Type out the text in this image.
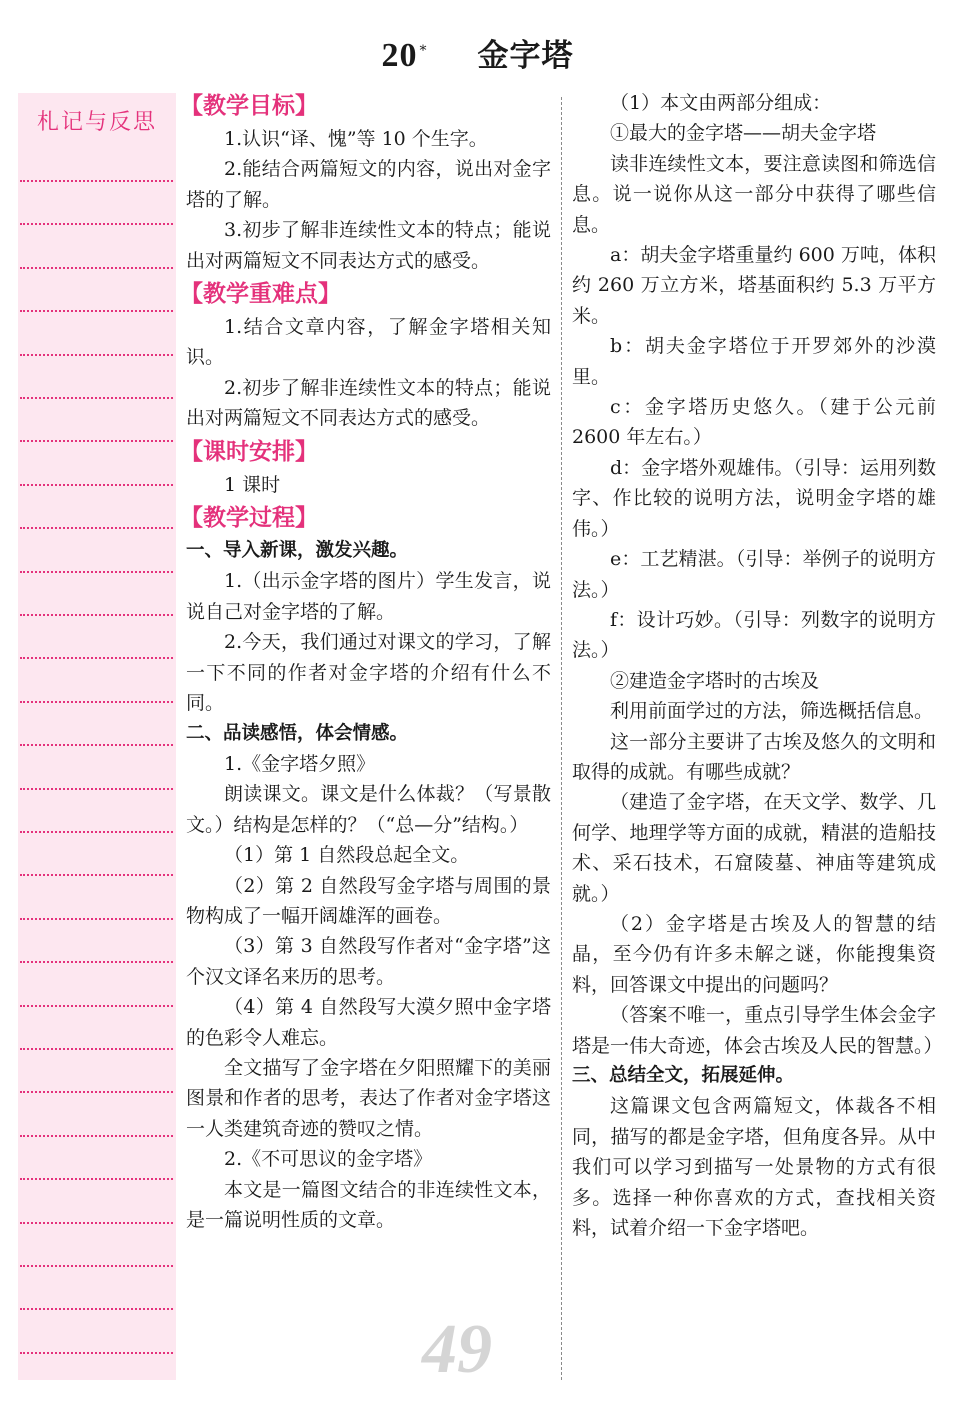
20 * 金字塔
札记与反思

【教学目标】

1.认识“译、愧”等 10 个生字。

2.能结合两篇短文的内容，说出对金字塔的了解。

3.初步了解非连续性文本的特点；能说出对两篇短文不同表达方式的感受。

【教学重难点】

1.结合文章内容，了解金字塔相关知识。

2.初步了解非连续性文本的特点；能说出对两篇短文不同表达方式的感受。

【课时安排】

1 课时

【教学过程】

一、导入新课，激发兴趣。

1.（出示金字塔的图片）学生发言，说说自己对金字塔的了解。

2.今天，我们通过对课文的学习，了解一下不同的作者对金字塔的介绍有什么不同。

二、品读感悟，体会情感。

1.《金字塔夕照》

朗读课文。课文是什么体裁？（写景散文。）结构是怎样的？（“总—分”结构。）

（1）第 1 自然段总起全文。

（2）第 2 自然段写金字塔与周围的景物构成了一幅开阔雄浑的画卷。

（3）第 3 自然段写作者对“金字塔”这个汉文译名来历的思考。

（4）第 4 自然段写大漠夕照中金字塔的色彩令人难忘。

全文描写了金字塔在夕阳照耀下的美丽图景和作者的思考，表达了作者对金字塔这一人类建筑奇迹的赞叹之情。

2.《不可思议的金字塔》

本文是一篇图文结合的非连续性文本，是一篇说明性质的文章。

（1）本文由两部分组成：

①最大的金字塔——胡夫金字塔

读非连续性文本，要注意读图和筛选信息。说一说你从这一部分中获得了哪些信息。

a：胡夫金字塔重量约 600 万吨，体积约 260 万立方米，塔基面积约 5.3 万平方米。

b：胡夫金字塔位于开罗郊外的沙漠里。

c：金字塔历史悠久。（建于公元前 2600 年左右。）

d：金字塔外观雄伟。（引导：运用列数字、作比较的说明方法，说明金字塔的雄伟。）

e：工艺精湛。（引导：举例子的说明方法。）

f：设计巧妙。（引导：列数字的说明方法。）

②建造金字塔时的古埃及

利用前面学过的方法，筛选概括信息。

这一部分主要讲了古埃及悠久的文明和取得的成就。有哪些成就？

（建造了金字塔，在天文学、数学、几何学、地理学等方面的成就，精湛的造船技术、采石技术，石窟陵墓、神庙等建筑成就。）

（2）金字塔是古埃及人的智慧的结晶，至今仍有许多未解之谜，你能搜集资料，回答课文中提出的问题吗？

（答案不唯一，重点引导学生体会金字塔是一伟大奇迹，体会古埃及人民的智慧。）

三、总结全文，拓展延伸。

这篇课文包含两篇短文，体裁各不相同，描写的都是金字塔，但角度各异。从中我们可以学习到描写一处景物的方式有很多。选择一种你喜欢的方式，查找相关资料，试着介绍一下金字塔吧。

49
